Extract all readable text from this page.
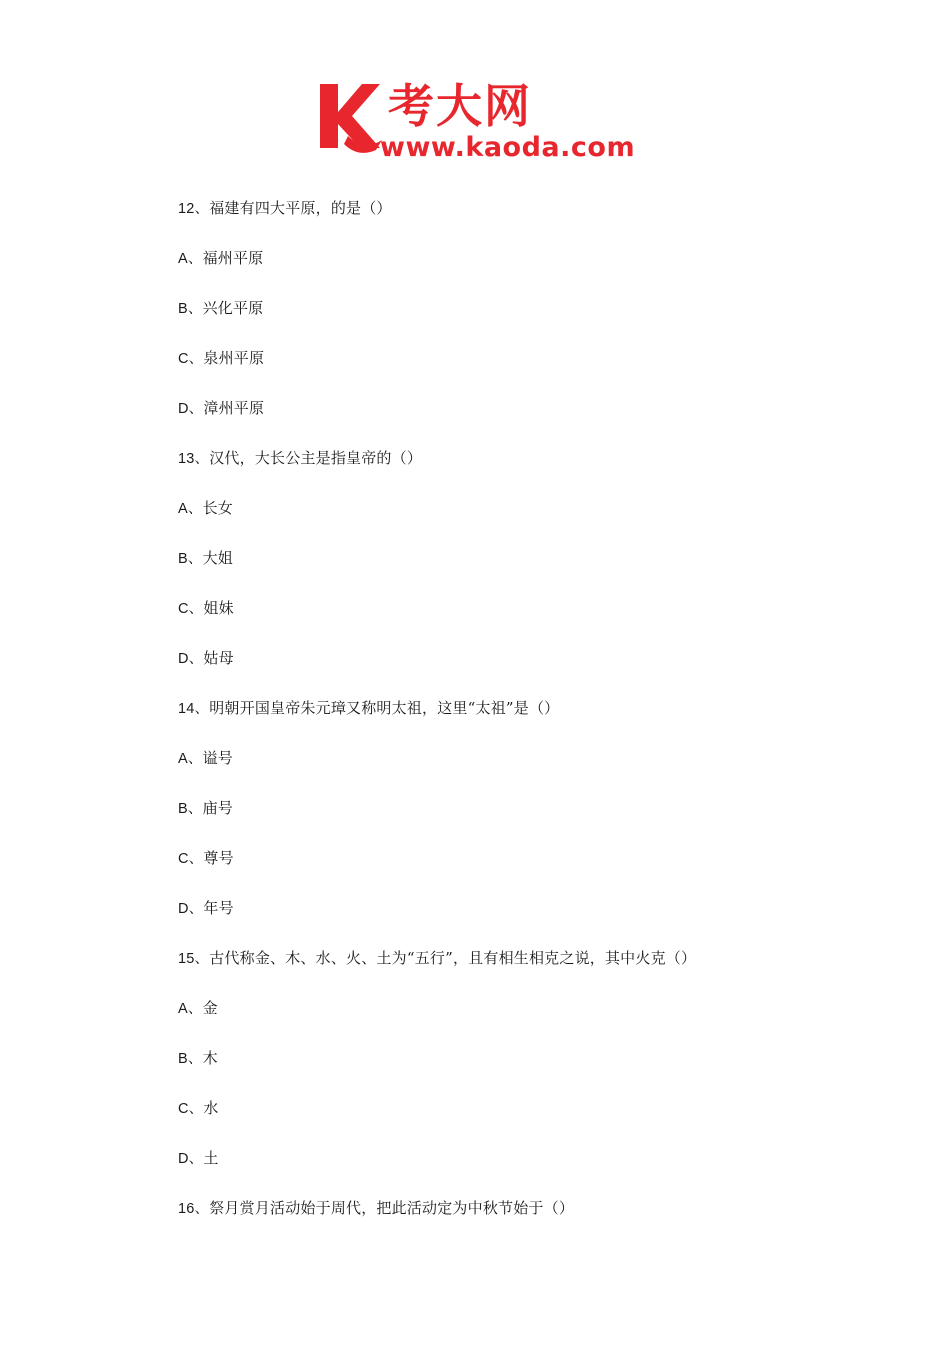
考大网
www.kaoda.com
12、福建有四大平原，的是（）
A、福州平原
B、兴化平原
C、泉州平原
D、漳州平原
13、汉代，大长公主是指皇帝的（）
A、长女
B、大姐
C、姐妹
D、姑母
14、明朝开国皇帝朱元璋又称明太祖，这里“太祖”是（）
A、谥号
B、庙号
C、尊号
D、年号
15、古代称金、木、水、火、土为“五行”，且有相生相克之说，其中火克（）
A、金
B、木
C、水
D、土
16、祭月赏月活动始于周代，把此活动定为中秋节始于（）
